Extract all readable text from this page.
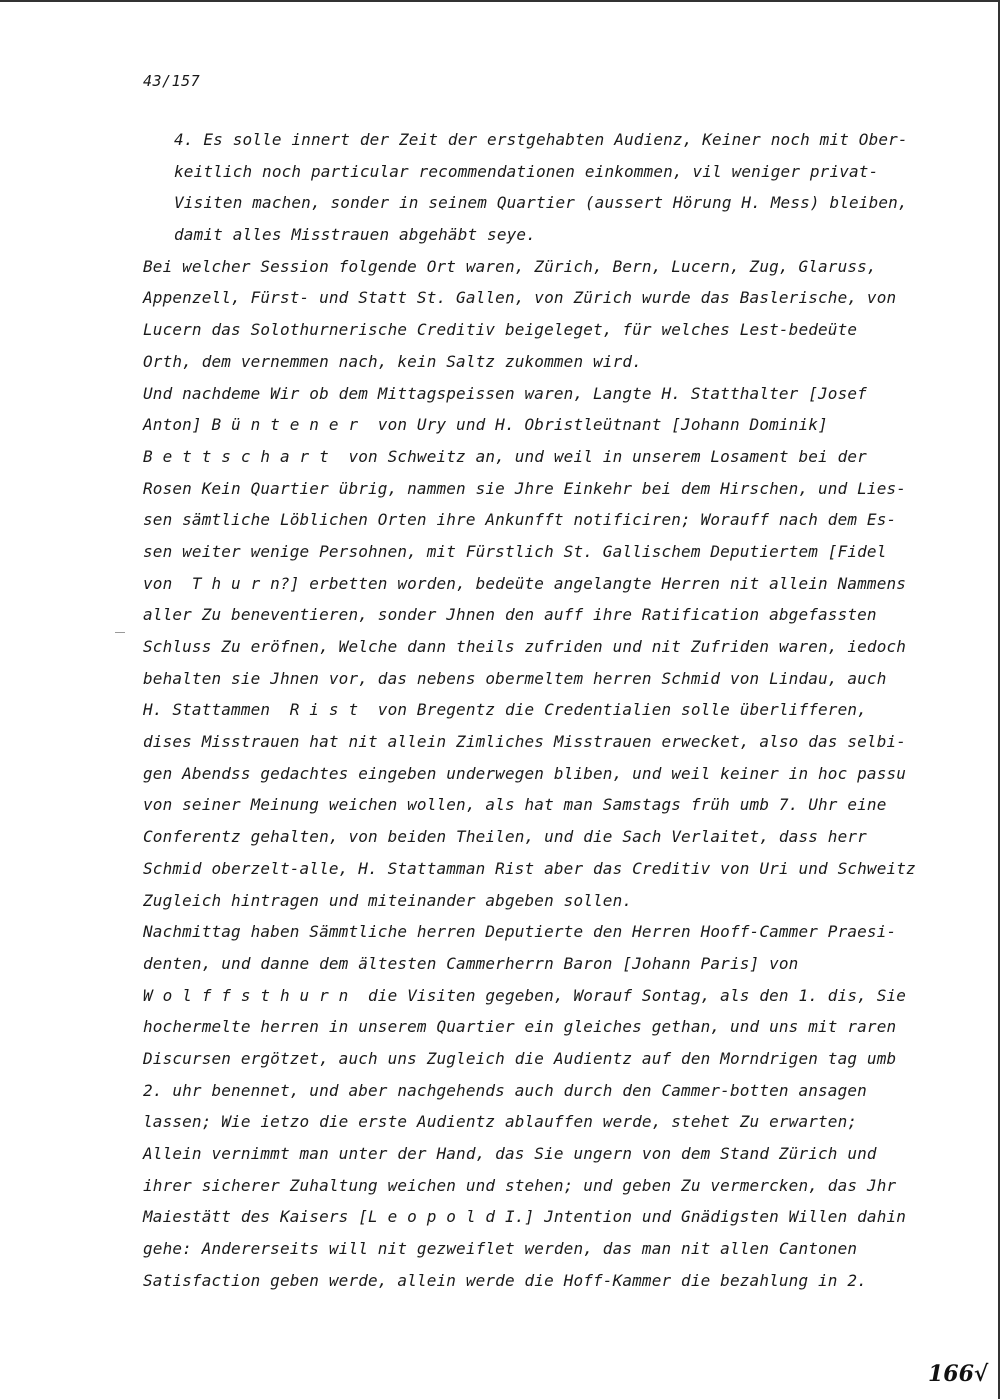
43/157
4. Es solle innert der Zeit der erstgehabten Audienz, Keiner noch mit Ober-
keitlich noch particular recommendationen einkommen, vil weniger privat-
Visiten machen, sonder in seinem Quartier (aussert Hörung H. Mess) bleiben,
damit alles Misstrauen abgehäbt seye.
Bei welcher Session folgende Ort waren, Zürich, Bern, Lucern, Zug, Glaruss,
Appenzell, Fürst- und Statt St. Gallen, von Zürich wurde das Baslerische, von
Lucern das Solothurnerische Creditiv beigeleget, für welches Lest-bedeüte
Orth, dem vernemmen nach, kein Saltz zukommen wird.
Und nachdeme Wir ob dem Mittagspeissen waren, Langte H. Statthalter [Josef
Anton] B ü n t e n e r  von Ury und H. Obristleütnant [Johann Dominik]
B e t t s c h a r t  von Schweitz an, und weil in unserem Losament bei der
Rosen Kein Quartier übrig, nammen sie Jhre Einkehr bei dem Hirschen, und Lies-
sen sämtliche Löblichen Orten ihre Ankunfft notificiren; Worauff nach dem Es-
sen weiter wenige Persohnen, mit Fürstlich St. Gallischem Deputiertem [Fidel
von  T h u r n?] erbetten worden, bedeüte angelangte Herren nit allein Nammens
aller Zu beneventieren, sonder Jhnen den auff ihre Ratification abgefassten
Schluss Zu eröfnen, Welche dann theils zufriden und nit Zufriden waren, iedoch
behalten sie Jhnen vor, das nebens obermeltem herren Schmid von Lindau, auch
H. Stattammen  R i s t  von Bregentz die Credentialien solle überlifferen,
dises Misstrauen hat nit allein Zimliches Misstrauen erwecket, also das selbi-
gen Abendss gedachtes eingeben underwegen bliben, und weil keiner in hoc passu
von seiner Meinung weichen wollen, als hat man Samstags früh umb 7. Uhr eine
Conferentz gehalten, von beiden Theilen, und die Sach Verlaitet, dass herr
Schmid oberzelt-alle, H. Stattamman Rist aber das Creditiv von Uri und Schweitz
Zugleich hintragen und miteinander abgeben sollen.
Nachmittag haben Sämmtliche herren Deputierte den Herren Hooff-Cammer Praesi-
denten, und danne dem ältesten Cammerherrn Baron [Johann Paris] von
W o l f f s t h u r n  die Visiten gegeben, Worauf Sontag, als den 1. dis, Sie
hochermelte herren in unserem Quartier ein gleiches gethan, und uns mit raren
Discursen ergötzet, auch uns Zugleich die Audientz auf den Morndrigen tag umb
2. uhr benennet, und aber nachgehends auch durch den Cammer-botten ansagen
lassen; Wie ietzo die erste Audientz ablauffen werde, stehet Zu erwarten;
Allein vernimmt man unter der Hand, das Sie ungern von dem Stand Zürich und
ihrer sicherer Zuhaltung weichen und stehen; und geben Zu vermercken, das Jhr
Maiestätt des Kaisers [L e o p o l d I.] Jntention und Gnädigsten Willen dahin
gehe: Andererseits will nit gezweiflet werden, das man nit allen Cantonen
Satisfaction geben werde, allein werde die Hoff-Kammer die bezahlung in 2.
166√
